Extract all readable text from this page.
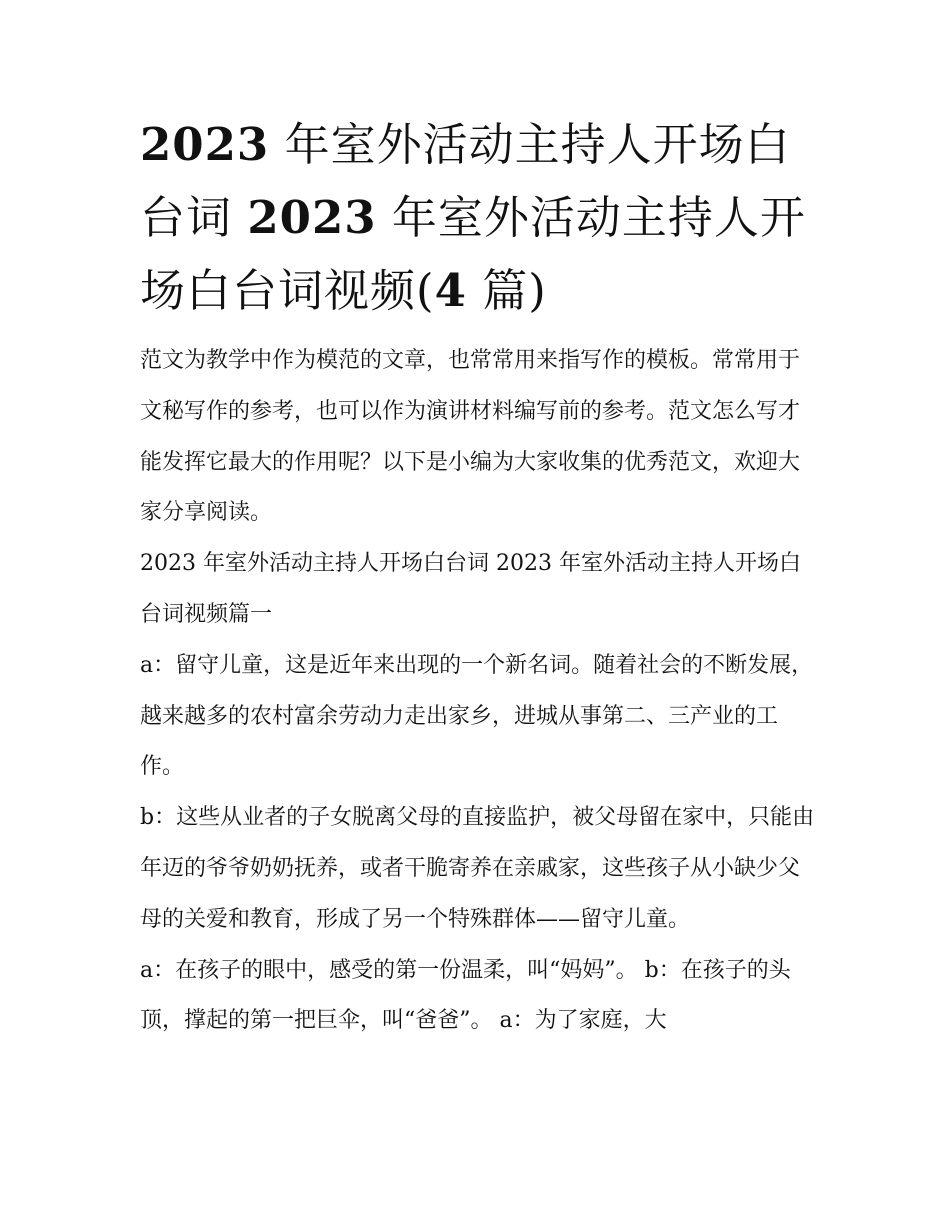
2023 年室外活动主持人开场白台词 2023 年室外活动主持人开场白台词视频(4 篇)

范文为教学中作为模范的文章，也常常用来指写作的模板。常常用于文秘写作的参考，也可以作为演讲材料编写前的参考。范文怎么写才能发挥它最大的作用呢？以下是小编为大家收集的优秀范文，欢迎大家分享阅读。

2023 年室外活动主持人开场白台词 2023 年室外活动主持人开场白台词视频篇一

a：留守儿童，这是近年来出现的一个新名词。随着社会的不断发展，越来越多的农村富余劳动力走出家乡，进城从事第二、三产业的工作。

b：这些从业者的子女脱离父母的直接监护，被父母留在家中，只能由年迈的爷爷奶奶抚养，或者干脆寄养在亲戚家，这些孩子从小缺少父母的关爱和教育，形成了另一个特殊群体——留守儿童。

a：在孩子的眼中，感受的第一份温柔，叫“妈妈”。 b：在孩子的头顶，撑起的第一把巨伞，叫“爸爸”。 a：为了家庭，大
